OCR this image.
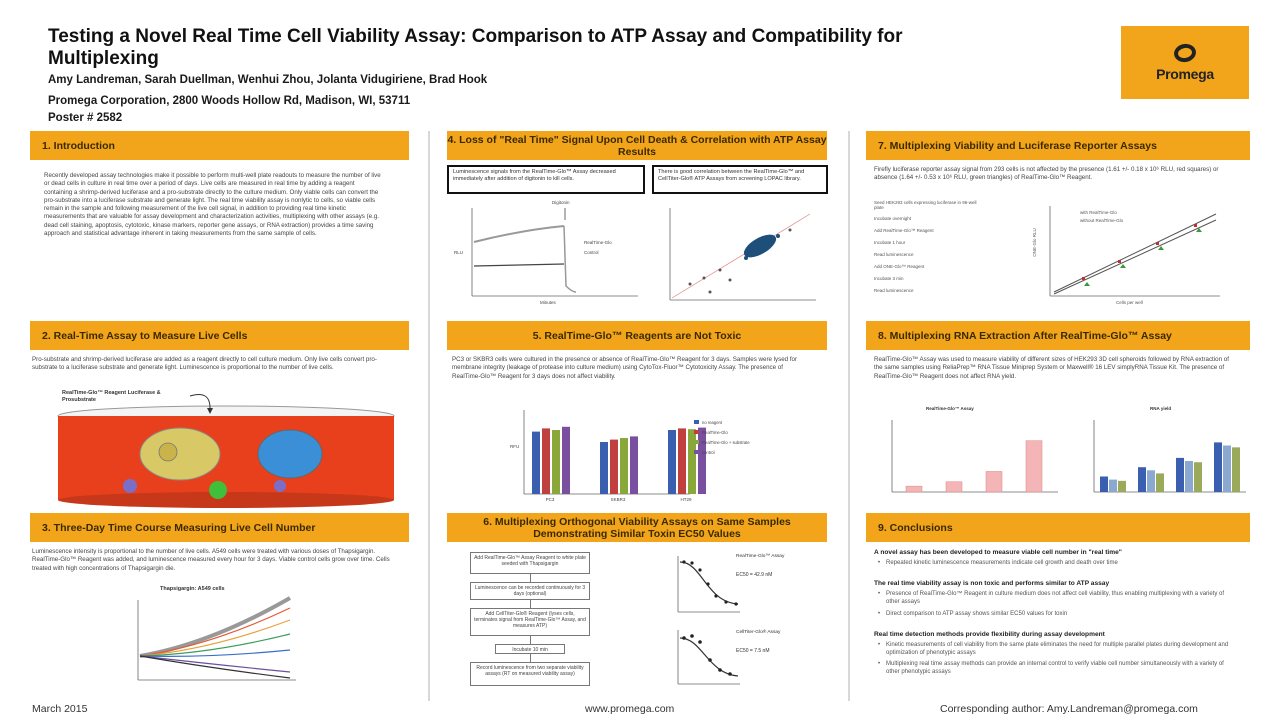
Testing a Novel Real Time Cell Viability Assay: Comparison to ATP Assay and Compatibility for Multiplexing
Amy Landreman, Sarah Duellman, Wenhui Zhou, Jolanta Vidugiriene, Brad Hook
Promega Corporation, 2800 Woods Hollow Rd, Madison, WI, 53711
Poster # 2582
Promega
1. Introduction
Recently developed assay technologies make it possible to perform multi-well plate readouts to measure the number of live or dead cells in culture in real time over a period of days. Live cells are measured in real time by adding a reagent containing a shrimp-derived luciferase and a pro-substrate directly to the culture medium. Only viable cells can convert the pro-substrate into a luciferase substrate and generate light. The real time viability assay is nonlytic to cells, so viable cells remain in the sample and following measurement of the live cell signal, in addition to providing real time kinetic measurements that are valuable for assay development and characterization activities, multiplexing with other assays (e.g. dead cell staining, apoptosis, cytotoxic, kinase markers, reporter gene assays, or RNA extraction) provides a time saving approach and statistical advantage inherent in taking measurements from the same sample of cells.
2. Real-Time Assay to Measure Live Cells
Pro-substrate and shrimp-derived luciferase are added as a reagent directly to cell culture medium. Only live cells convert pro-substrate to a luciferase substrate and generate light. Luminescence is proportional to the number of live cells.
RealTime-Glo™ Reagent Luciferase & Prosubstrate
3. Three-Day Time Course Measuring Live Cell Number
Luminescence intensity is proportional to the number of live cells. A549 cells were treated with various doses of Thapsigargin. RealTime-Glo™ Reagent was added, and luminescence measured every hour for 3 days. Viable control cells grow over time. Cells treated with high concentrations of Thapsigargin die.
Thapsigargin: A549 cells
4. Loss of "Real Time" Signal Upon Cell Death & Correlation with ATP Assay Results
Luminescence signals from the RealTime-Glo™ Assay decreased immediately after addition of digitonin to kill cells.
There is good correlation between the RealTime-Glo™ and CellTiter-Glo® ATP Assays from screening LOPAC library.
Digitonin
RealTime-Glo
Control
Minutes
RLU
5. RealTime-Glo™ Reagents are Not Toxic
PC3 or SKBR3 cells were cultured in the presence or absence of RealTime-Glo™ Reagent for 3 days. Samples were lysed for membrane integrity (leakage of protease into culture medium) using CytoTox-Fluor™ Cytotoxicity Assay. The presence of RealTime-Glo™ Reagent for 3 days does not affect viability.
RFU
PC3	SKBR3	HT29
no reagent
RealTime-Glo
RealTime-Glo + substrate
control
6. Multiplexing Orthogonal Viability Assays on Same Samples Demonstrating Similar Toxin EC50 Values
Add RealTime-Glo™ Assay Reagent to white plate seeded with Thapsigargin
Luminescence can be recorded continuously for 3 days (optional)
Add CellTiter-Glo® Reagent (lyses cells, terminates signal from RealTime-Glo™ Assay, and measures ATP)
Incubate 10 min
Record luminescence from two separate viability assays (RT on measured viability assay)
RealTime-Glo™ Assay
EC50 = 42.9 nM
CellTiter-Glo® Assay
EC50 = 7.5 nM
7. Multiplexing Viability and Luciferase Reporter Assays
Firefly luciferase reporter assay signal from 293 cells is not affected by the presence (1.61 +/- 0.18 x 10⁶ RLU, red squares) or absence (1.64 +/- 0.53 x 10⁶ RLU, green triangles) of RealTime-Glo™ Reagent.
Seed HEK293 cells expressing luciferase in 96-well plate
Incubate overnight
Add RealTime-Glo™ Reagent
Incubate 1 hour
Read luminescence
Add ONE-Glo™ Reagent
Incubate 3 min
Read luminescence
with RealTime-Glo
without RealTime-Glo
ONE-Glo RLU
Cells per well
8. Multiplexing RNA Extraction After RealTime-Glo™ Assay
RealTime-Glo™ Assay was used to measure viability of different sizes of HEK293 3D cell spheroids followed by RNA extraction of the same samples using ReliaPrep™ RNA Tissue Miniprep System or Maxwell® 16 LEV simplyRNA Tissue Kit. The presence of RealTime-Glo™ Reagent does not affect RNA yield.
RealTime-Glo™ Assay	RNA yield
9. Conclusions
A novel assay has been developed to measure viable cell number in "real time"
• Repeated kinetic luminescence measurements indicate cell growth and death over time
The real time viability assay is non toxic and performs similar to ATP assay
• Presence of RealTime-Glo™ Reagent in culture medium does not affect cell viability, thus enabling multiplexing with a variety of other assays
• Direct comparison to ATP assay shows similar EC50 values for toxin
Real time detection methods provide flexibility during assay development
• Kinetic measurements of cell viability from the same plate eliminates the need for multiple parallel plates during development and optimization of phenotypic assays
• Multiplexing real time assay methods can provide an internal control to verify viable cell number simultaneously with a variety of other phenotypic assays
March 2015	www.promega.com	Corresponding author: Amy.Landreman@promega.com
